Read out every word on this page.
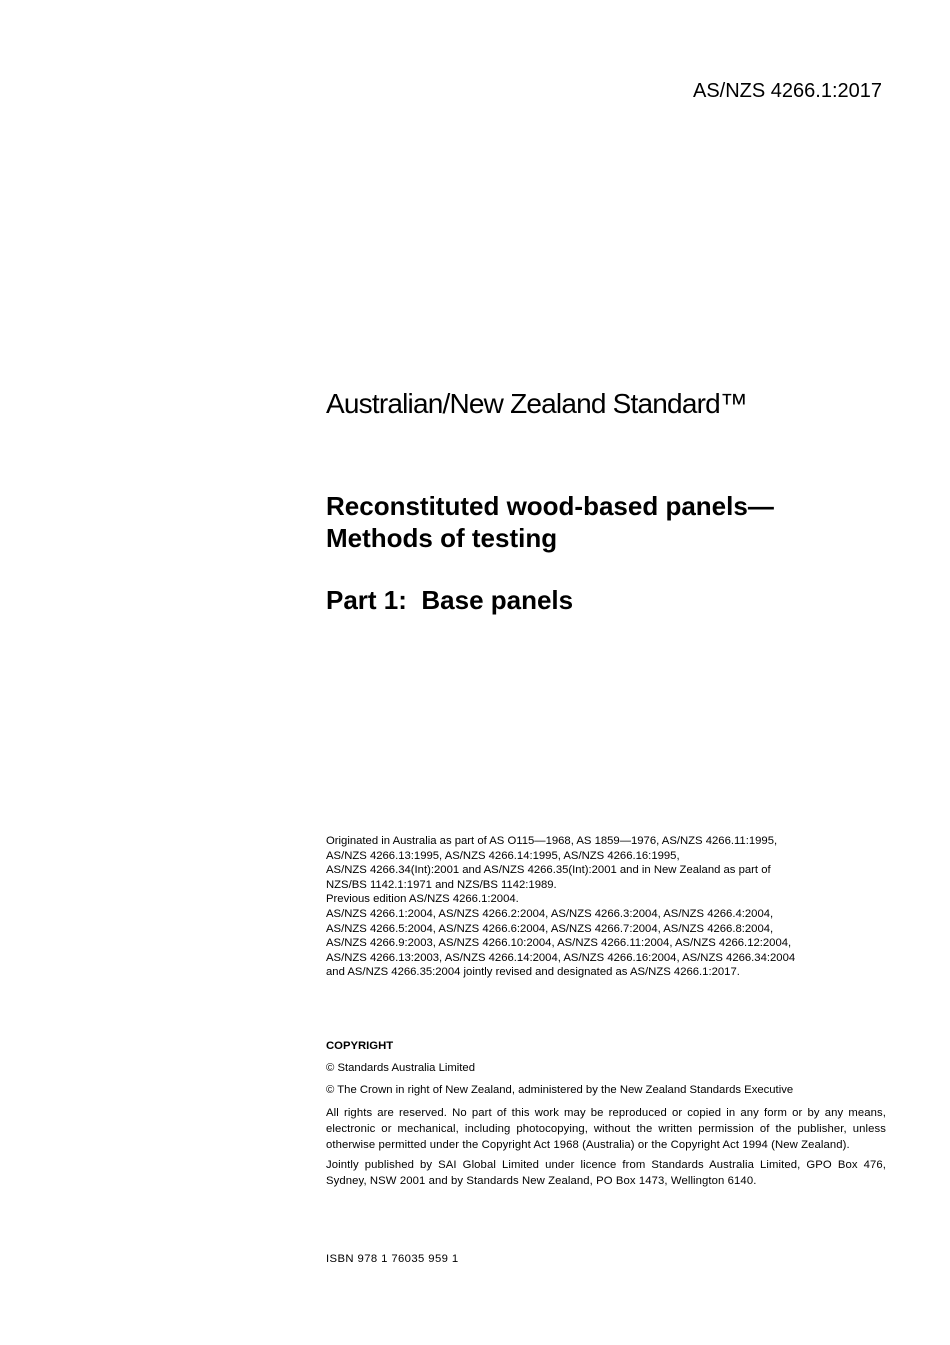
AS/NZS 4266.1:2017
Australian/New Zealand Standard™
Reconstituted wood-based panels—
Methods of testing
Part 1:  Base panels
Originated in Australia as part of AS O115—1968, AS 1859—1976, AS/NZS 4266.11:1995,
AS/NZS 4266.13:1995, AS/NZS 4266.14:1995, AS/NZS 4266.16:1995,
AS/NZS 4266.34(Int):2001 and AS/NZS 4266.35(Int):2001 and in New Zealand as part of
NZS/BS 1142.1:1971 and NZS/BS 1142:1989.
Previous edition AS/NZS 4266.1:2004.
AS/NZS 4266.1:2004, AS/NZS 4266.2:2004, AS/NZS 4266.3:2004, AS/NZS 4266.4:2004,
AS/NZS 4266.5:2004, AS/NZS 4266.6:2004, AS/NZS 4266.7:2004, AS/NZS 4266.8:2004,
AS/NZS 4266.9:2003, AS/NZS 4266.10:2004, AS/NZS 4266.11:2004, AS/NZS 4266.12:2004,
AS/NZS 4266.13:2003, AS/NZS 4266.14:2004, AS/NZS 4266.16:2004, AS/NZS 4266.34:2004
and AS/NZS 4266.35:2004 jointly revised and designated as AS/NZS 4266.1:2017.
COPYRIGHT
© Standards Australia Limited
© The Crown in right of New Zealand, administered by the New Zealand Standards Executive
All rights are reserved. No part of this work may be reproduced or copied in any form or by any means, electronic or mechanical, including photocopying, without the written permission of the publisher, unless otherwise permitted under the Copyright Act 1968 (Australia) or the Copyright Act 1994 (New Zealand).
Jointly published by SAI Global Limited under licence from Standards Australia Limited, GPO Box 476, Sydney, NSW 2001 and by Standards New Zealand, PO Box 1473, Wellington 6140.
ISBN 978 1 76035 959 1
